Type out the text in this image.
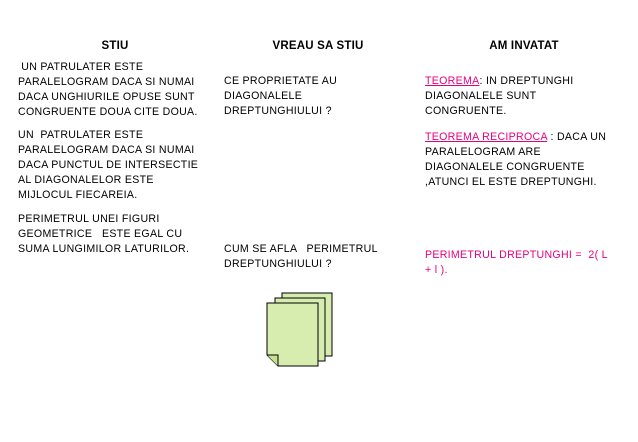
STIU	VREAU SA STIU	AM INVATAT
UN PATRULATER ESTE
PARALELOGRAM DACA SI NUMAI
DACA UNGHIURILE OPUSE SUNT
CONGRUENTE DOUA CITE DOUA.
UN  PATRULATER ESTE
PARALELOGRAM DACA SI NUMAI
DACA PUNCTUL DE INTERSECTIE
AL DIAGONALELOR ESTE
MIJLOCUL FIECAREIA.
PERIMETRUL UNEI FIGURI
GEOMETRICE   ESTE EGAL CU
SUMA LUNGIMILOR LATURILOR.
CE PROPRIETATE AU
DIAGONALELE
DREPTUNGHIULUI ?
CUM SE AFLA   PERIMETRUL
DREPTUNGHIULUI ?
TEOREMA: IN DREPTUNGHI
DIAGONALELE SUNT
CONGRUENTE.
TEOREMA RECIPROCA : DACA UN
PARALELOGRAM ARE
DIAGONALELE CONGRUENTE
,ATUNCI EL ESTE DREPTUNGHI.
PERIMETRUL DREPTUNGHI =  2( L
+ l ).
